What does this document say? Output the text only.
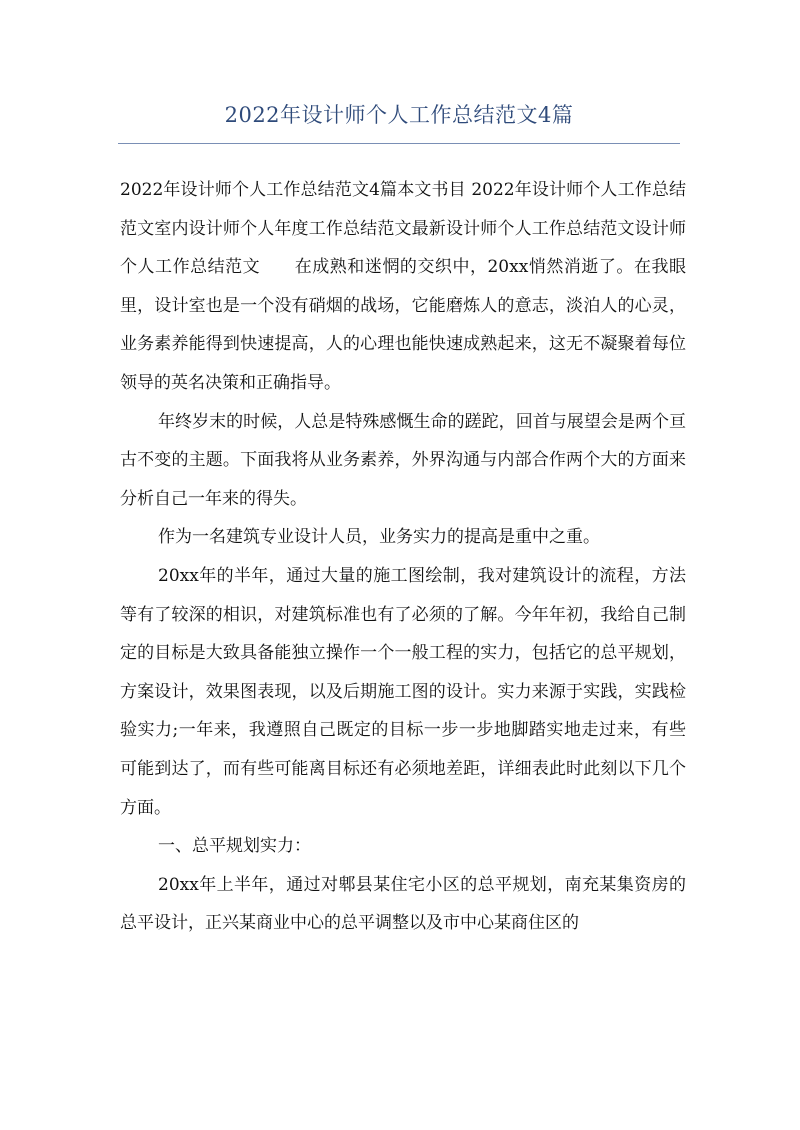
2022年设计师个人工作总结范文4篇

2022年设计师个人工作总结范文4篇本文书目 2022年设计师个人工作总结范文室内设计师个人年度工作总结范文最新设计师个人工作总结范文设计师个人工作总结范文 在成熟和迷惘的交织中，20xx悄然消逝了。在我眼里，设计室也是一个没有硝烟的战场，它能磨炼人的意志，淡泊人的心灵，业务素养能得到快速提高，人的心理也能快速成熟起来，这无不凝聚着每位领导的英名决策和正确指导。

年终岁末的时候，人总是特殊感慨生命的蹉跎，回首与展望会是两个亘古不变的主题。下面我将从业务素养，外界沟通与内部合作两个大的方面来分析自己一年来的得失。

作为一名建筑专业设计人员，业务实力的提高是重中之重。

20xx年的半年，通过大量的施工图绘制，我对建筑设计的流程，方法等有了较深的相识，对建筑标准也有了必须的了解。今年年初，我给自己制定的目标是大致具备能独立操作一个一般工程的实力，包括它的总平规划，方案设计，效果图表现，以及后期施工图的设计。实力来源于实践，实践检验实力;一年来，我遵照自己既定的目标一步一步地脚踏实地走过来，有些可能到达了，而有些可能离目标还有必须地差距，详细表此时此刻以下几个方面。

一、总平规划实力：

20xx年上半年，通过对郫县某住宅小区的总平规划，南充某集资房的总平设计，正兴某商业中心的总平调整以及市中心某商住区的
